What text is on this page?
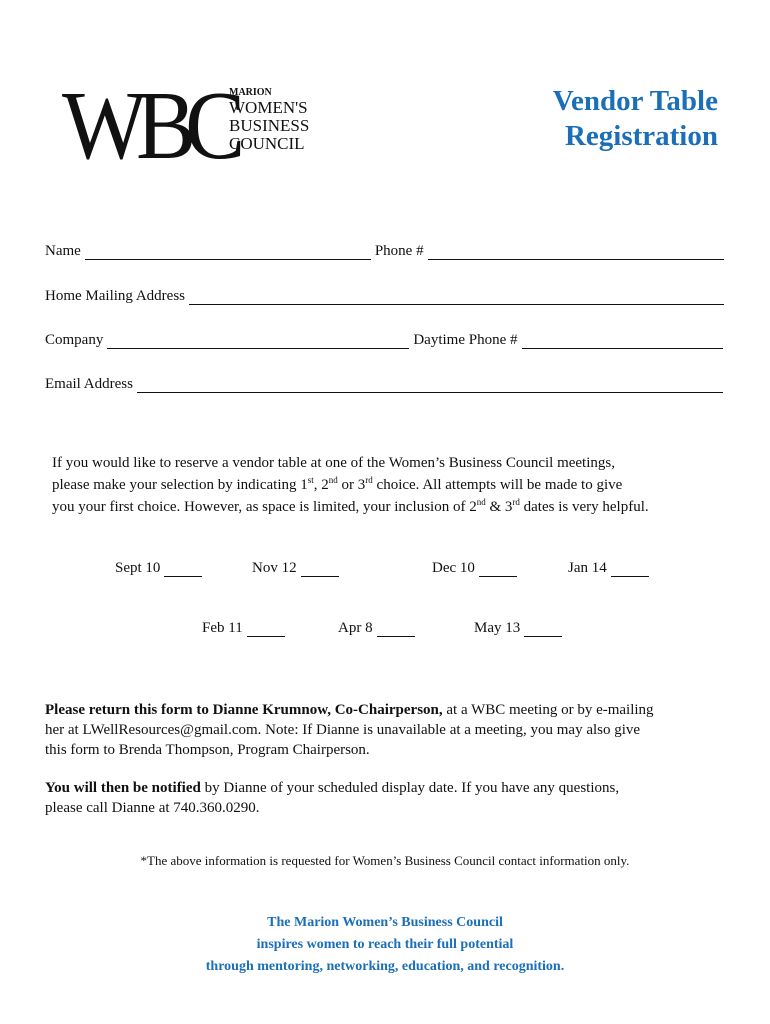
WBC
MARION
WOMEN'S
BUSINESS
COUNCIL
Vendor Table
Registration
Name	Phone #
Home Mailing Address
Company	Daytime Phone #
Email Address
If you would like to reserve a vendor table at one of the Women’s Business Council meetings,
please make your selection by indicating 1st, 2nd or 3rd choice. All attempts will be made to give
you your first choice. However, as space is limited, your inclusion of 2nd & 3rd dates is very helpful.
Sept 10	Nov 12	Dec 10	Jan 14
Feb 11	Apr 8	May 13
Please return this form to Dianne Krumnow, Co-Chairperson, at a WBC meeting or by e-mailing
her at LWellResources@gmail.com. Note: If Dianne is unavailable at a meeting, you may also give
this form to Brenda Thompson, Program Chairperson.
You will then be notified by Dianne of your scheduled display date. If you have any questions,
please call Dianne at 740.360.0290.
*The above information is requested for Women’s Business Council contact information only.
The Marion Women’s Business Council
inspires women to reach their full potential
through mentoring, networking, education, and recognition.
